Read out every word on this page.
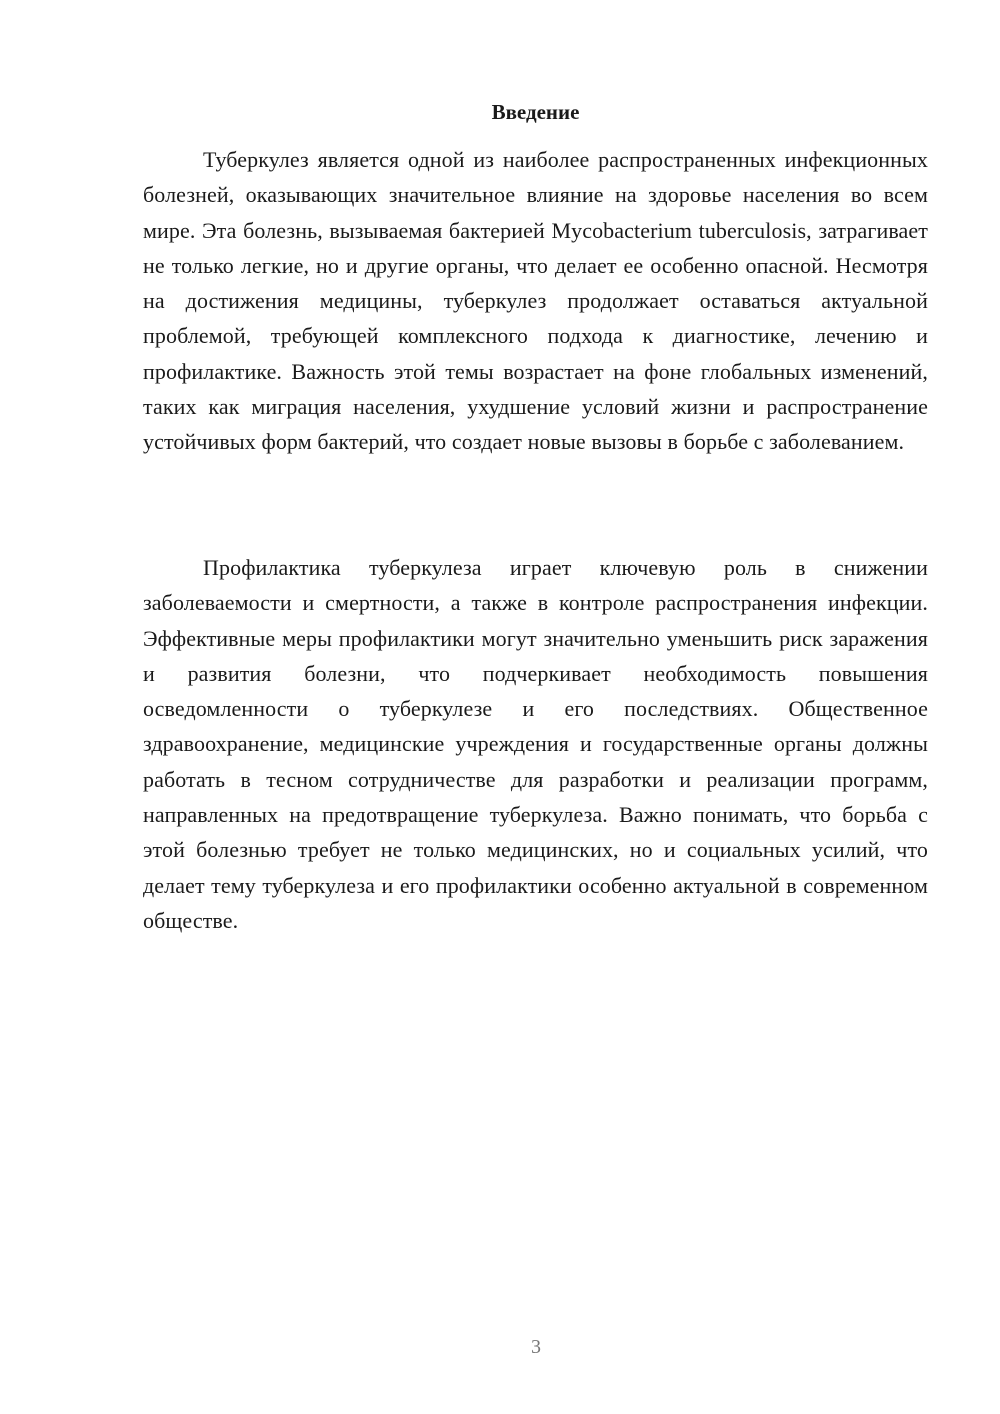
Введение

Туберкулез является одной из наиболее распространенных инфекционных болезней, оказывающих значительное влияние на здоровье населения во всем мире. Эта болезнь, вызываемая бактерией Mycobacterium tuberculosis, затрагивает не только легкие, но и другие органы, что делает ее особенно опасной. Несмотря на достижения медицины, туберкулез продолжает оставаться актуальной проблемой, требующей комплексного подхода к диагностике, лечению и профилактике. Важность этой темы возрастает на фоне глобальных изменений, таких как миграция населения, ухудшение условий жизни и распространение устойчивых форм бактерий, что создает новые вызовы в борьбе с заболеванием.

Профилактика туберкулеза играет ключевую роль в снижении заболеваемости и смертности, а также в контроле распространения инфекции. Эффективные меры профилактики могут значительно уменьшить риск заражения и развития болезни, что подчеркивает необходимость повышения осведомленности о туберкулезе и его последствиях. Общественное здравоохранение, медицинские учреждения и государственные органы должны работать в тесном сотрудничестве для разработки и реализации программ, направленных на предотвращение туберкулеза. Важно понимать, что борьба с этой болезнью требует не только медицинских, но и социальных усилий, что делает тему туберкулеза и его профилактики особенно актуальной в современном обществе.

3
